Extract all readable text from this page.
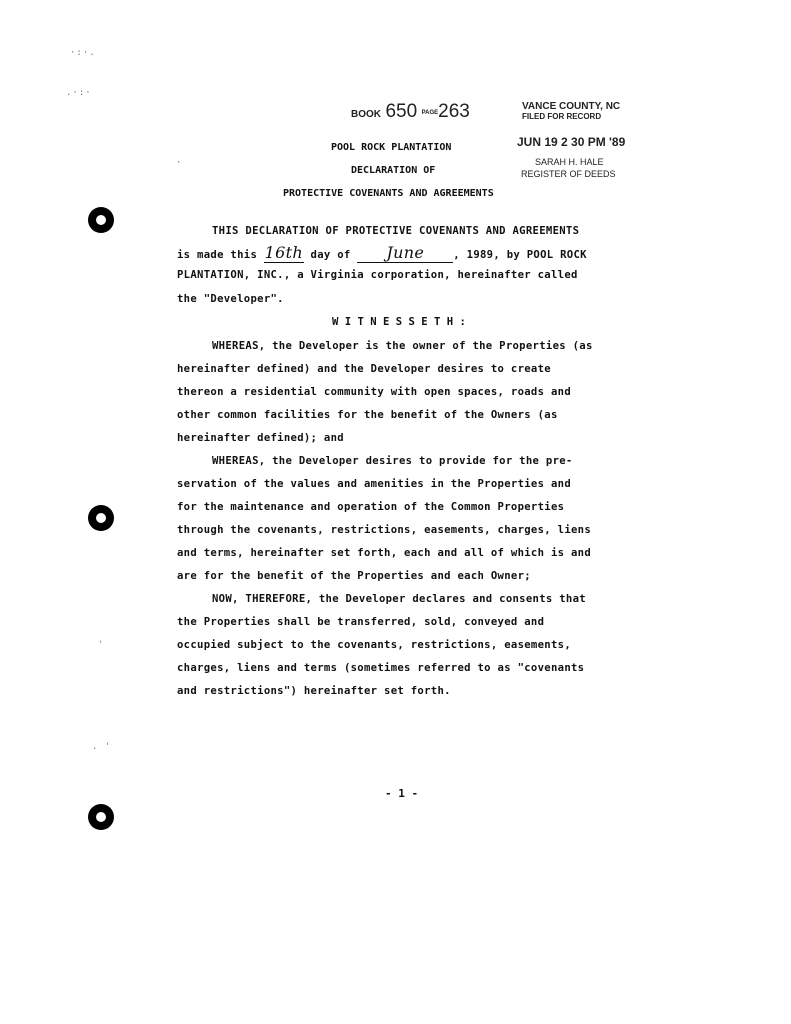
·:·.
.·:·
'
. '
·
BOOK 650 PAGE263	VANCE COUNTY, NC
FILED FOR RECORD
JUN 19 2 30 PM '89
SARAH H. HALE
REGISTER OF DEEDS
POOL ROCK PLANTATION
DECLARATION OF
PROTECTIVE COVENANTS AND AGREEMENTS
THIS DECLARATION OF PROTECTIVE COVENANTS AND AGREEMENTS
is made this 16th day of June	, 1989, by POOL ROCK
PLANTATION, INC., a Virginia corporation, hereinafter called
the "Developer".
W I T N E S S E T H :
WHEREAS, the Developer is the owner of the Properties (as
hereinafter defined) and the Developer desires to create
thereon a residential community with open spaces, roads and
other common facilities for the benefit of the Owners (as
hereinafter defined); and
WHEREAS, the Developer desires to provide for the pre-
servation of the values and amenities in the Properties and
for the maintenance and operation of the Common Properties
through the covenants, restrictions, easements, charges, liens
and terms, hereinafter set forth, each and all of which is and
are for the benefit of the Properties and each Owner;
NOW, THEREFORE, the Developer declares and consents that
the Properties shall be transferred, sold, conveyed and
occupied subject to the covenants, restrictions, easements,
charges, liens and terms (sometimes referred to as "covenants
and restrictions") hereinafter set forth.
- 1 -
